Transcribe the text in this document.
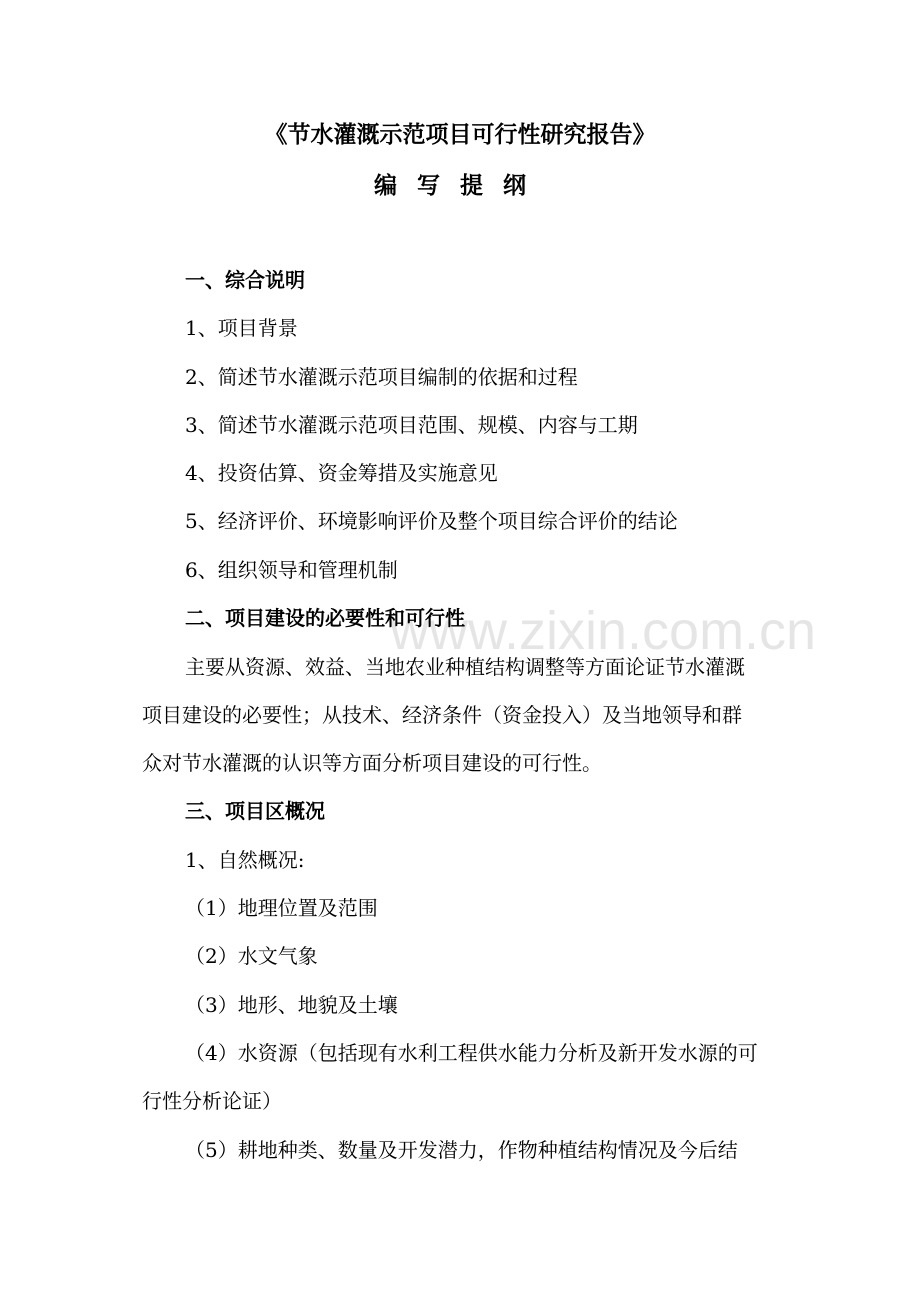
《节水灌溉示范项目可行性研究报告》
编写提纲
一、综合说明
1、项目背景
2、简述节水灌溉示范项目编制的依据和过程
3、简述节水灌溉示范项目范围、规模、内容与工期
4、投资估算、资金筹措及实施意见
5、经济评价、环境影响评价及整个项目综合评价的结论
6、组织领导和管理机制
二、项目建设的必要性和可行性
主要从资源、效益、当地农业种植结构调整等方面论证节水灌溉
项目建设的必要性；从技术、经济条件（资金投入）及当地领导和群
众对节水灌溉的认识等方面分析项目建设的可行性。
三、项目区概况
1、自然概况:
（1）地理位置及范围
（2）水文气象
（3）地形、地貌及土壤
（4）水资源（包括现有水利工程供水能力分析及新开发水源的可
行性分析论证）
（5）耕地种类、数量及开发潜力，作物种植结构情况及今后结
www.zixin.com.cn
